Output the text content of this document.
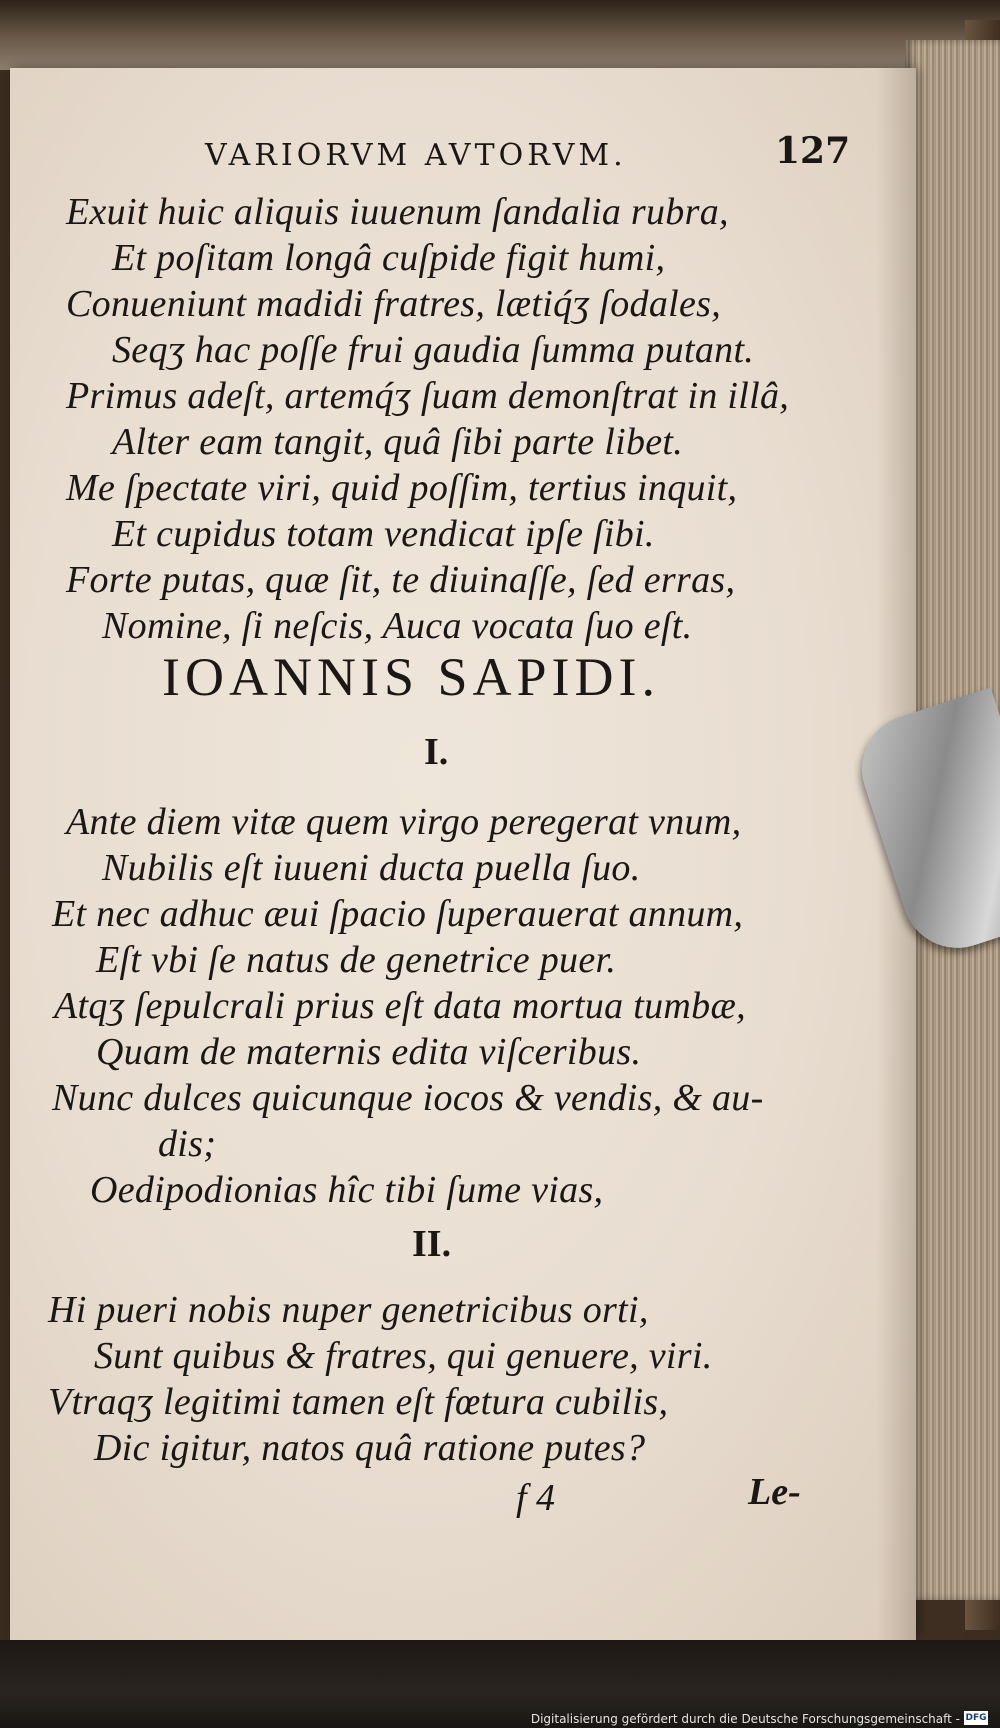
VARIORVM AVTORVM.	127
Exuit huic aliquis iuuenum ſandalia rubra,
Et poſitam longâ cuſpide figit humi,
Conueniunt madidi fratres, lætiq́ʒ ſodales,
Seqʒ hac poſſe frui gaudia ſumma putant.
Primus adeſt, artemq́ʒ ſuam demonſtrat in illâ,
Alter eam tangit, quâ ſibi parte libet.
Me ſpectate viri, quid poſſim, tertius inquit,
Et cupidus totam vendicat ipſe ſibi.
Forte putas, quæ ſit, te diuinaſſe, ſed erras,
Nomine, ſi neſcis, Auca vocata ſuo eſt.
IOANNIS SAPIDI.
I.
Ante diem vitæ quem virgo peregerat vnum,
Nubilis eſt iuueni ducta puella ſuo.
Et nec adhuc æui ſpacio ſuperauerat annum,
Eſt vbi ſe natus de genetrice puer.
Atqʒ ſepulcrali prius eſt data mortua tumbæ,
Quam de maternis edita viſceribus.
Nunc dulces quicunque iocos & vendis, & au-
dis;
Oedipodionias hîc tibi ſume vias,
II.
Hi pueri nobis nuper genetricibus orti,
Sunt quibus & fratres, qui genuere, viri.
Vtraqʒ legitimi tamen eſt fœtura cubilis,
Dic igitur, natos quâ ratione putes?
f 4	Le-
Digitalisierung gefördert durch die Deutsche Forschungsgemeinschaft - DFG
